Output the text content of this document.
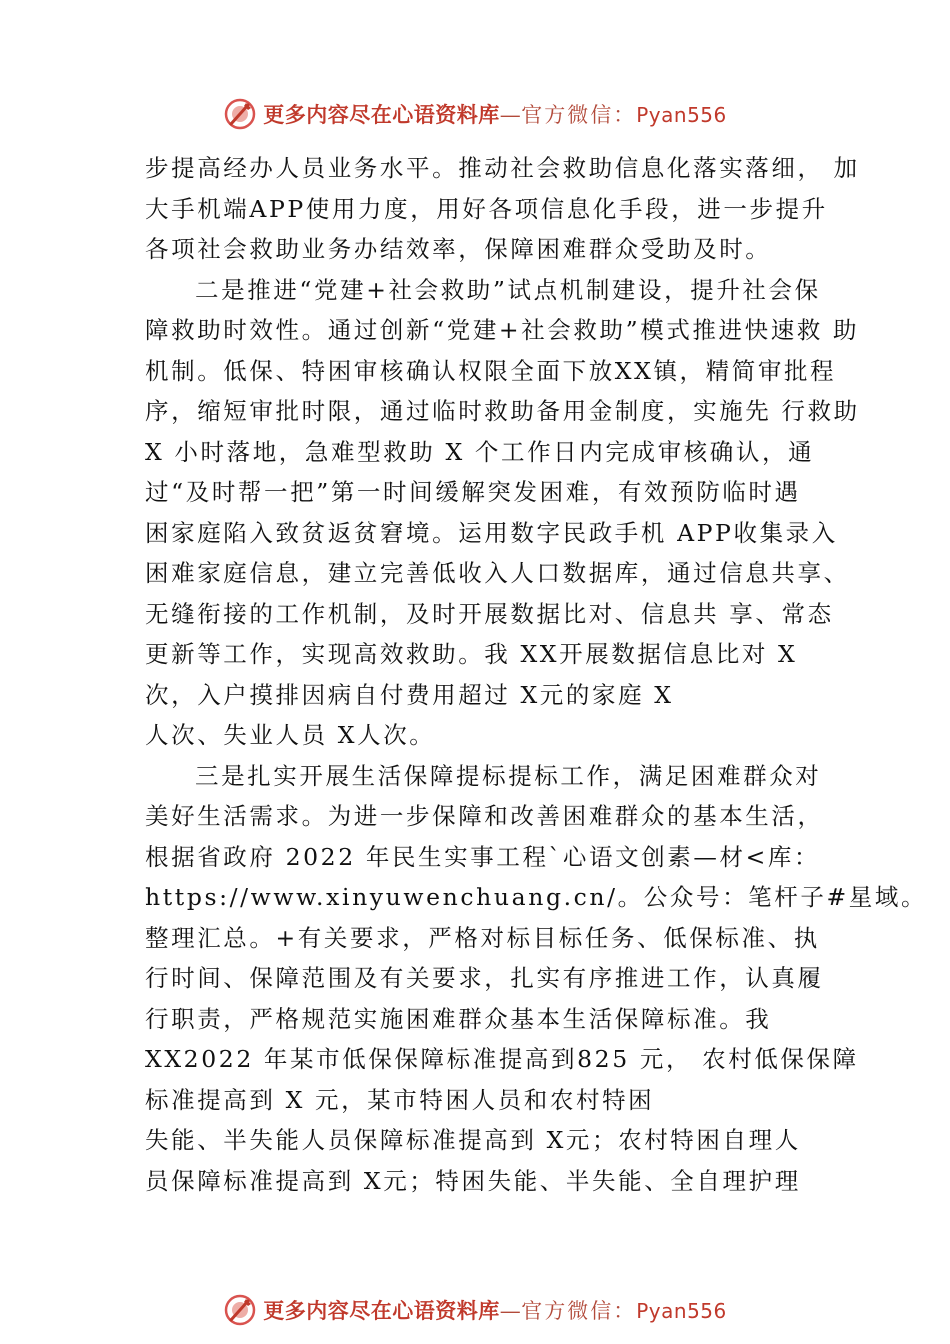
更多内容尽在心语资料库—官方微信：Pyan556
步提高经办人员业务水平。推动社会救助信息化落实落细， 加
大手机端APP使用力度，用好各项信息化手段，进一步提升
各项社会救助业务办结效率，保障困难群众受助及时。
二是推进“党建+社会救助”试点机制建设，提升社会保
障救助时效性。通过创新“党建+社会救助”模式推进快速救 助
机制。低保、特困审核确认权限全面下放XX镇，精简审批程
序，缩短审批时限，通过临时救助备用金制度，实施先 行救助
X 小时落地，急难型救助 X 个工作日内完成审核确认，通
过“及时帮一把”第一时间缓解突发困难，有效预防临时遇
困家庭陷入致贫返贫窘境。运用数字民政手机 APP收集录入
困难家庭信息，建立完善低收入人口数据库，通过信息共享、
无缝衔接的工作机制，及时开展数据比对、信息共 享、常态
更新等工作，实现高效救助。我 XX开展数据信息比对 X
次，入户摸排因病自付费用超过 X元的家庭 X
人次、失业人员 X人次。
三是扎实开展生活保障提标提标工作，满足困难群众对
美好生活需求。为进一步保障和改善困难群众的基本生活，
根据省政府 2022 年民生实事工程`心语文创素—材<库：
https://www.xinyuwenchuang.cn/。公众号：笔杆子#星域。
整理汇总。+有关要求，严格对标目标任务、低保标准、执
行时间、保障范围及有关要求，扎实有序推进工作，认真履
行职责，严格规范实施困难群众基本生活保障标准。我
XX2022 年某市低保保障标准提高到825 元， 农村低保保障
标准提高到 X 元，某市特困人员和农村特困
失能、半失能人员保障标准提高到 X元；农村特困自理人
员保障标准提高到 X元；特困失能、半失能、全自理护理
更多内容尽在心语资料库—官方微信：Pyan556
